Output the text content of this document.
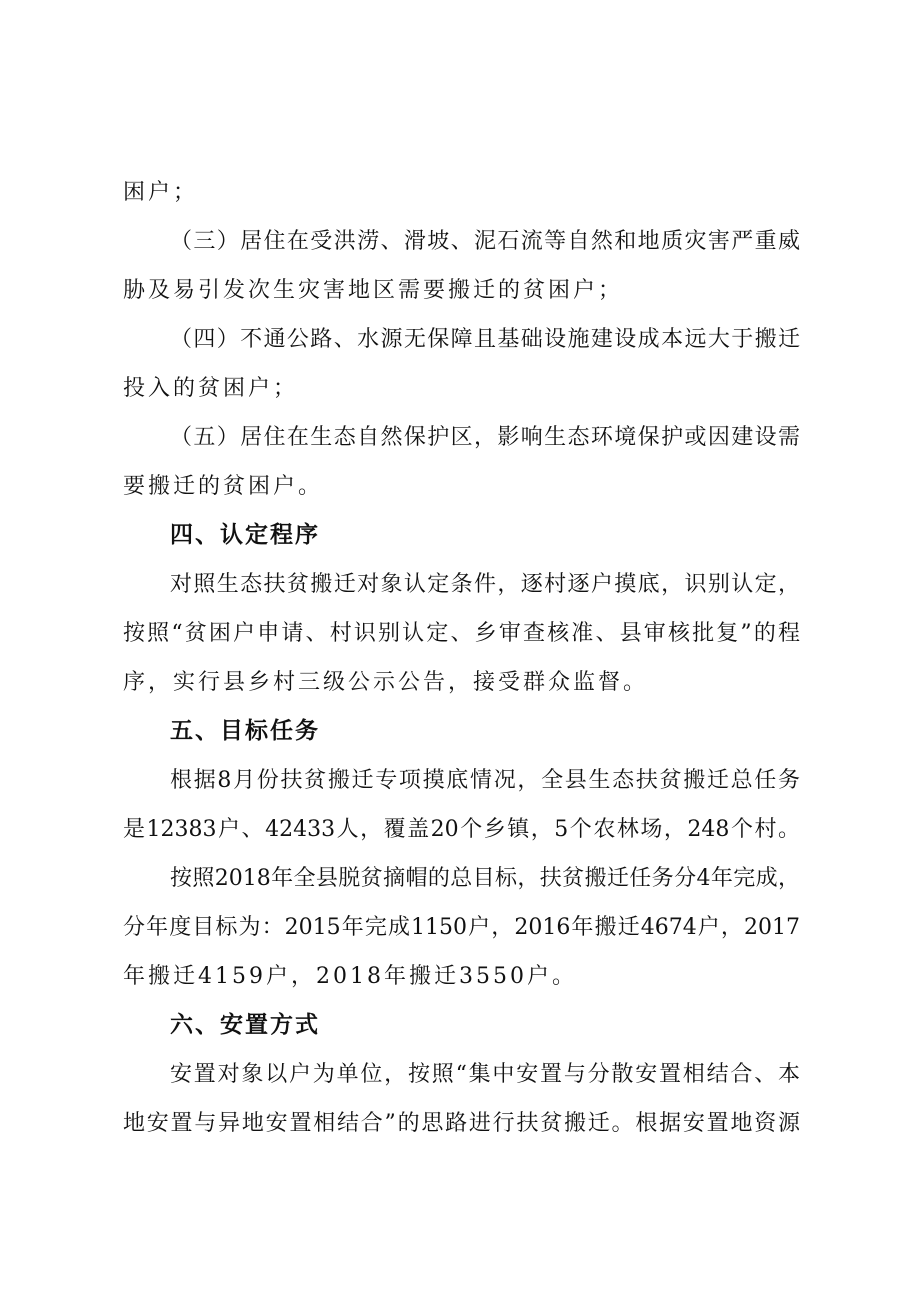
困户；
（三）居住在受洪涝、滑坡、泥石流等自然和地质灾害严重威
胁及易引发次生灾害地区需要搬迁的贫困户；
（四）不通公路、水源无保障且基础设施建设成本远大于搬迁
投入的贫困户；
（五）居住在生态自然保护区，影响生态环境保护或因建设需
要搬迁的贫困户。
四、认定程序
对照生态扶贫搬迁对象认定条件，逐村逐户摸底，识别认定，
按照“贫困户申请、村识别认定、乡审查核准、县审核批复”的程
序，实行县乡村三级公示公告，接受群众监督。
五、目标任务
根据8月份扶贫搬迁专项摸底情况，全县生态扶贫搬迁总任务
是12383户、42433人，覆盖20个乡镇，5个农林场，248个村。
按照2018年全县脱贫摘帽的总目标，扶贫搬迁任务分4年完成，
分年度目标为：2015年完成1150户，2016年搬迁4674户，2017
年搬迁4159户，2018年搬迁3550户。
六、安置方式
安置对象以户为单位，按照“集中安置与分散安置相结合、本
地安置与异地安置相结合”的思路进行扶贫搬迁。根据安置地资源
